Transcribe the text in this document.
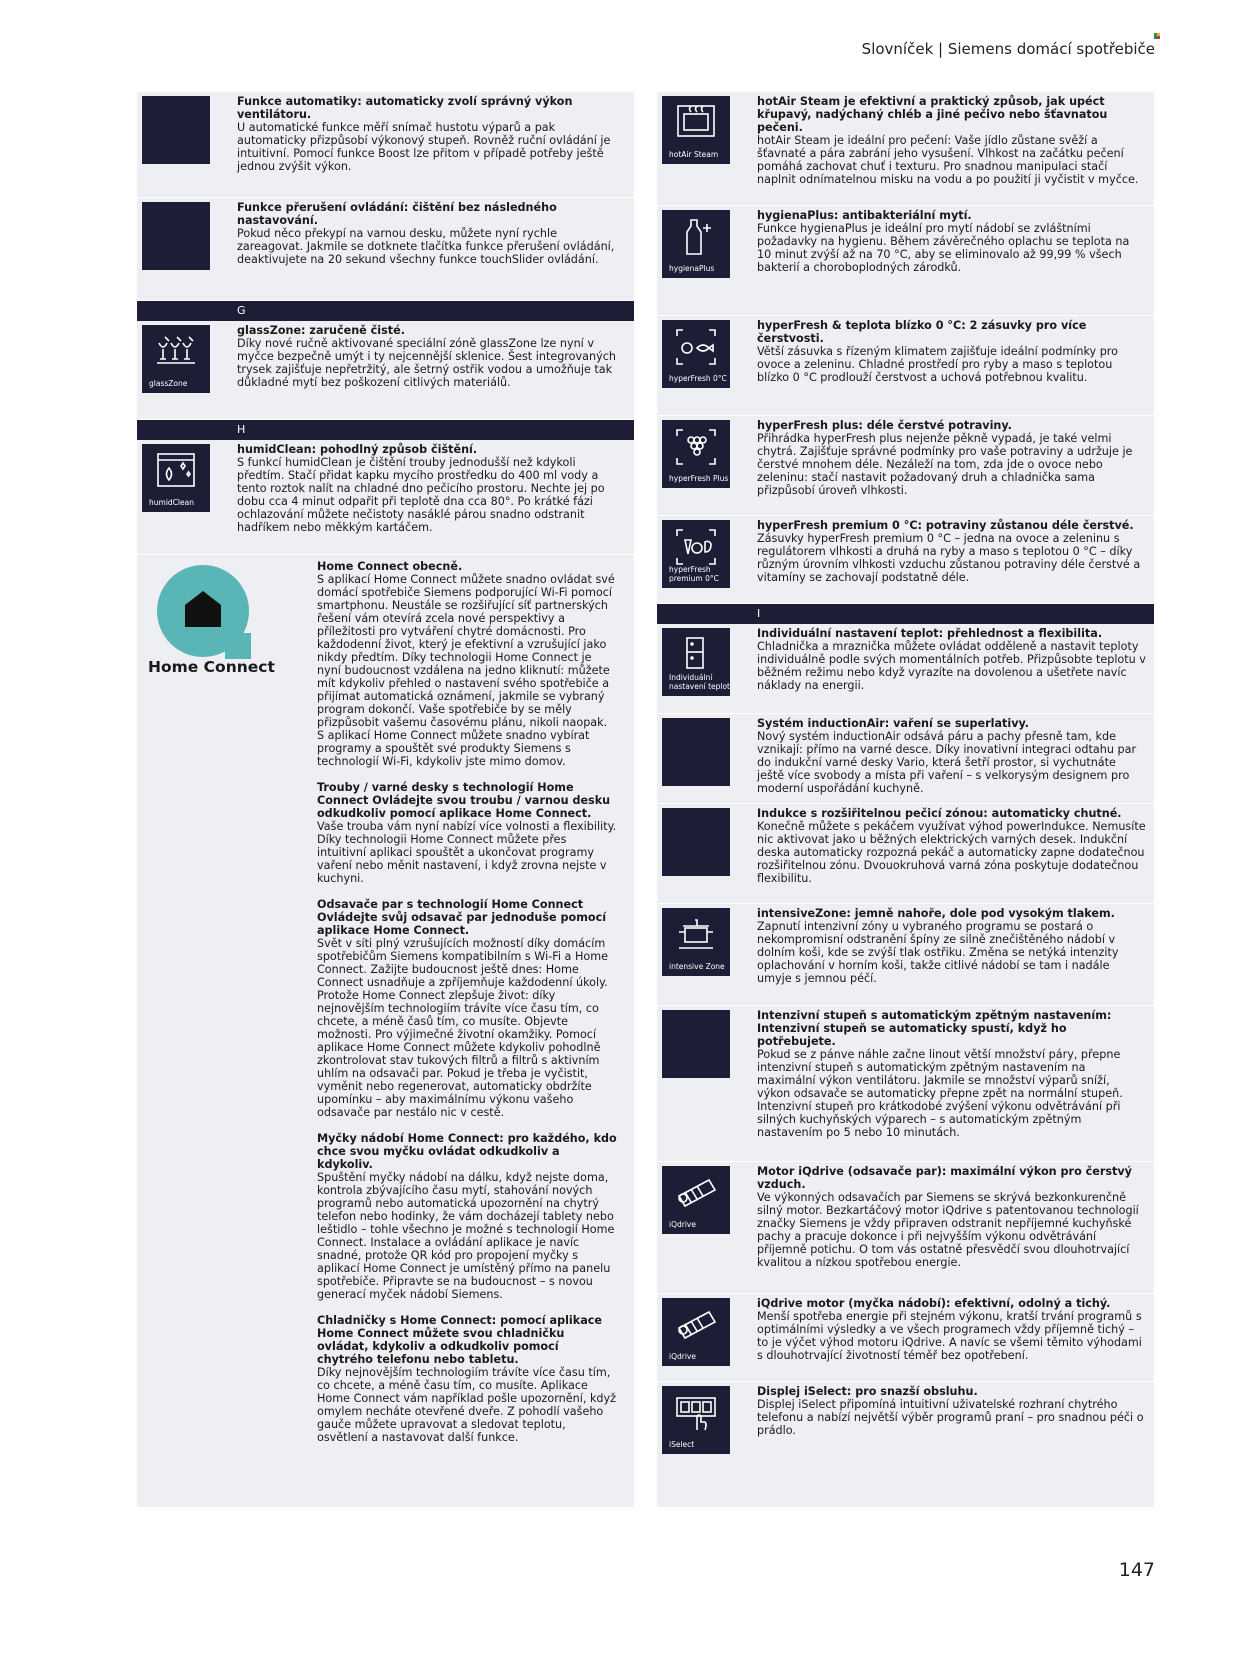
Slovníček | Siemens domácí spotřebiče
Funkce automatiky: automaticky zvolí správný výkon ventilátoru.
U automatické funkce měří snímač hustotu výparů a pak automaticky přizpůsobí výkonový stupeň. Rovněž ruční ovládání je intuitivní. Pomocí funkce Boost lze přitom v případě potřeby ještě jednou zvýšit výkon.
Funkce přerušení ovládání: čištění bez následného nastavování.
Pokud něco překypí na varnou desku, můžete nyní rychle zareagovat. Jakmile se dotknete tlačítka funkce přerušení ovládání, deaktivujete na 20 sekund všechny funkce touchSlider ovládání.
G
glassZone
glassZone: zaručeně čisté.
Díky nové ručně aktivované speciální zóně glassZone lze nyní v myčce bezpečně umýt i ty nejcennější sklenice. Šest integrovaných trysek zajišťuje nepřetržitý, ale šetrný ostřik vodou a umožňuje tak důkladné mytí bez poškození citlivých materiálů.
H
humidClean
humidClean: pohodlný způsob čištění.
S funkcí humidClean je čištění trouby jednodušší než kdykoli předtím. Stačí přidat kapku mycího prostředku do 400 ml vody a tento roztok nalít na chladné dno pečicího prostoru. Nechte jej po dobu cca 4 minut odpařit při teplotě dna cca 80°. Po krátké fázi ochlazování můžete nečistoty nasáklé párou snadno odstranit hadříkem nebo měkkým kartáčem.
Home Connect

Home Connect obecně.
S aplikací Home Connect můžete snadno ovládat své domácí spotřebiče Siemens podporující Wi-Fi pomocí smartphonu. Neustále se rozšiřující síť partnerských řešení vám otevírá zcela nové perspektivy a příležitosti pro vytváření chytré domácnosti. Pro každodenní život, který je efektivní a vzrušující jako nikdy předtím. Díky technologii Home Connect je nyní budoucnost vzdálena na jedno kliknutí: můžete mít kdykoliv přehled o nastavení svého spotřebiče a přijímat automatická oznámení, jakmile se vybraný program dokončí. Vaše spotřebiče by se měly přizpůsobit vašemu časovému plánu, nikoli naopak. S aplikací Home Connect můžete snadno vybírat programy a spouštět své produkty Siemens s technologií Wi-Fi, kdykoliv jste mimo domov.

Trouby / varné desky s technologií Home Connect Ovládejte svou troubu / varnou desku odkudkoliv pomocí aplikace Home Connect.
Vaše trouba vám nyní nabízí více volnosti a flexibility. Díky technologii Home Connect můžete přes intuitivní aplikaci spouštět a ukončovat programy vaření nebo měnit nastavení, i když zrovna nejste v kuchyni.

Odsavače par s technologií Home Connect Ovládejte svůj odsavač par jednoduše pomocí aplikace Home Connect.
Svět v síti plný vzrušujících možností díky domácím spotřebičům Siemens kompatibilním s Wi-Fi a Home Connect. Zažijte budoucnost ještě dnes: Home Connect usnadňuje a zpříjemňuje každodenní úkoly. Protože Home Connect zlepšuje život: díky nejnovějším technologiím trávíte více času tím, co chcete, a méně časů tím, co musíte. Objevte možnosti. Pro výjimečné životní okamžiky. Pomocí aplikace Home Connect můžete kdykoliv pohodlně zkontrolovat stav tukových filtrů a filtrů s aktivním uhlím na odsavači par. Pokud je třeba je vyčistit, vyměnit nebo regenerovat, automaticky obdržíte upomínku – aby maximálnímu výkonu vašeho odsavače par nestálo nic v cestě.

Myčky nádobí Home Connect: pro každého, kdo chce svou myčku ovládat odkudkoliv a kdykoliv.
Spuštění myčky nádobí na dálku, když nejste doma, kontrola zbývajícího času mytí, stahování nových programů nebo automatická upozornění na chytrý telefon nebo hodinky, že vám docházejí tablety nebo leštidlo – tohle všechno je možné s technologií Home Connect. Instalace a ovládání aplikace je navíc snadné, protože QR kód pro propojení myčky s aplikací Home Connect je umístěný přímo na panelu spotřebiče. Připravte se na budoucnost – s novou generací myček nádobí Siemens.

Chladničky s Home Connect: pomocí aplikace Home Connect můžete svou chladničku ovládat, kdykoliv a odkudkoliv pomocí chytrého telefonu nebo tabletu.
Díky nejnovějším technologiím trávíte více času tím, co chcete, a méně času tím, co musíte. Aplikace Home Connect vám například pošle upozornění, když omylem necháte otevřené dveře. Z pohodlí vašeho gauče můžete upravovat a sledovat teplotu, osvětlení a nastavovat další funkce.

hotAir Steam
hotAir Steam je efektivní a praktický způsob, jak upéct křupavý, nadýchaný chléb a jiné pečivo nebo šťavnatou pečeni.
hotAir Steam je ideální pro pečení: Vaše jídlo zůstane svěží a šťavnaté a pára zabrání jeho vysušení. Vlhkost na začátku pečení pomáhá zachovat chuť i texturu. Pro snadnou manipulaci stačí naplnit odnímatelnou misku na vodu a po použití ji vyčistit v myčce.
hygienaPlus
hygienaPlus: antibakteriální mytí.
Funkce hygienaPlus je ideální pro mytí nádobí se zvláštními požadavky na hygienu. Během závěrečného oplachu se teplota na 10 minut zvýší až na 70 °C, aby se eliminovalo až 99,99 % všech bakterií a choroboplodných zárodků.
hyperFresh 0°C
hyperFresh & teplota blízko 0 °C: 2 zásuvky pro více čerstvosti.
Větší zásuvka s řízeným klimatem zajišťuje ideální podmínky pro ovoce a zeleninu. Chladné prostředí pro ryby a maso s teplotou blízko 0 °C prodlouží čerstvost a uchová potřebnou kvalitu.
hyperFresh Plus
hyperFresh plus: déle čerstvé potraviny.
Přihrádka hyperFresh plus nejenže pěkně vypadá, je také velmi chytrá. Zajišťuje správné podmínky pro vaše potraviny a udržuje je čerstvé mnohem déle. Nezáleží na tom, zda jde o ovoce nebo zeleninu: stačí nastavit požadovaný druh a chladnička sama přizpůsobí úroveň vlhkosti.
hyperFresh premium 0°C
hyperFresh premium 0 °C: potraviny zůstanou déle čerstvé.
Zásuvky hyperFresh premium 0 °C – jedna na ovoce a zeleninu s regulátorem vlhkosti a druhá na ryby a maso s teplotou 0 °C – díky různým úrovním vlhkosti vzduchu zůstanou potraviny déle čerstvé a vitamíny se zachovají podstatně déle.
I
Individuální nastavení teplot
Individuální nastavení teplot: přehlednost a flexibilita.
Chladnička a mraznička můžete ovládat odděleně a nastavit teploty individuálně podle svých momentálních potřeb. Přizpůsobte teplotu v běžném režimu nebo když vyrazíte na dovolenou a ušetřete navíc náklady na energii.
Systém inductionAir: vaření se superlativy.
Nový systém inductionAir odsává páru a pachy přesně tam, kde vznikají: přímo na varné desce. Díky inovativní integraci odtahu par do indukční varné desky Vario, která šetří prostor, si vychutnáte ještě více svobody a místa při vaření – s velkorysým designem pro moderní uspořádání kuchyně.
Indukce s rozšiřitelnou pečicí zónou: automaticky chutné.
Konečně můžete s pekáčem využívat výhod powerIndukce. Nemusíte nic aktivovat jako u běžných elektrických varných desek. Indukční deska automaticky rozpozná pekáč a automaticky zapne dodatečnou rozšiřitelnou zónu. Dvouokruhová varná zóna poskytuje dodatečnou flexibilitu.
intensive Zone
intensiveZone: jemně nahoře, dole pod vysokým tlakem.
Zapnutí intenzivní zóny u vybraného programu se postará o nekompromisní odstranění špíny ze silně znečištěného nádobí v dolním koši, kde se zvýší tlak ostřiku. Změna se netýká intenzity oplachování v horním koši, takže citlivé nádobí se tam i nadále umyje s jemnou péčí.
Intenzivní stupeň s automatickým zpětným nastavením: Intenzivní stupeň se automaticky spustí, když ho potřebujete.
Pokud se z pánve náhle začne linout větší množství páry, přepne intenzivní stupeň s automatickým zpětným nastavením na maximální výkon ventilátoru. Jakmile se množství výparů sníží, výkon odsavače se automaticky přepne zpět na normální stupeň. Intenzivní stupeň pro krátkodobé zvýšení výkonu odvětrávání při silných kuchyňských výparech – s automatickým zpětným nastavením po 5 nebo 10 minutách.
iQdrive
Motor iQdrive (odsavače par): maximální výkon pro čerstvý vzduch.
Ve výkonných odsavačích par Siemens se skrývá bezkonkurenčně silný motor. Bezkartáčový motor iQdrive s patentovanou technologií značky Siemens je vždy připraven odstranit nepříjemné kuchyňské pachy a pracuje dokonce i při nejvyšším výkonu odvětrávání příjemně potichu. O tom vás ostatně přesvědčí svou dlouhotrvající kvalitou a nízkou spotřebou energie.
iQdrive
iQdrive motor (myčka nádobí): efektivní, odolný a tichý.
Menší spotřeba energie při stejném výkonu, kratší trvání programů s optimálními výsledky a ve všech programech vždy příjemně tichý – to je výčet výhod motoru iQdrive. A navíc se všemi těmito výhodami s dlouhotrvající životností téměř bez opotřebení.
iSelect
Displej iSelect: pro snazší obsluhu.
Displej iSelect připomíná intuitivní uživatelské rozhraní chytrého telefonu a nabízí největší výběr programů praní – pro snadnou péči o prádlo.
147
